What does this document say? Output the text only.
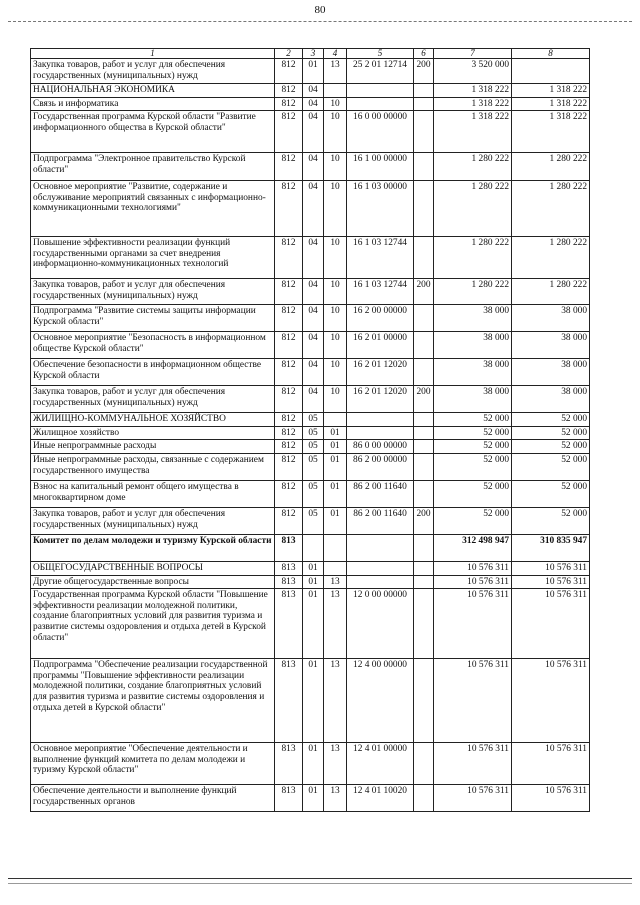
80
1	2	3	4	5	6	7	8
Закупка товаров, работ и услуг для обеспечения государственных (муниципальных) нужд	812	01	13	25 2 01 12714	200	3 520 000	
НАЦИОНАЛЬНАЯ ЭКОНОМИКА	812	04				1 318 222	1 318 222
Связь и информатика	812	04	10			1 318 222	1 318 222
Государственная программа Курской области "Развитие информационного общества в Курской области"	812	04	10	16 0 00 00000		1 318 222	1 318 222
Подпрограмма "Электронное правительство Курской области"	812	04	10	16 1 00 00000		1 280 222	1 280 222
Основное мероприятие "Развитие, содержание и обслуживание мероприятий связанных с информационно-коммуникационными технологиями"	812	04	10	16 1 03 00000		1 280 222	1 280 222
Повышение эффективности реализации функций государственными органами за счет внедрения информационно-коммуникационных технологий	812	04	10	16 1 03 12744		1 280 222	1 280 222
Закупка товаров, работ и услуг для обеспечения государственных (муниципальных) нужд	812	04	10	16 1 03 12744	200	1 280 222	1 280 222
Подпрограмма "Развитие системы защиты информации Курской области"	812	04	10	16 2 00 00000		38 000	38 000
Основное мероприятие "Безопасность в информационном обществе Курской области"	812	04	10	16 2 01 00000		38 000	38 000
Обеспечение безопасности в информационном обществе Курской области	812	04	10	16 2 01 12020		38 000	38 000
Закупка товаров, работ и услуг для обеспечения государственных (муниципальных) нужд	812	04	10	16 2 01 12020	200	38 000	38 000
ЖИЛИЩНО-КОММУНАЛЬНОЕ ХОЗЯЙСТВО	812	05				52 000	52 000
Жилищное хозяйство	812	05	01			52 000	52 000
Иные непрограммные расходы	812	05	01	86 0 00 00000		52 000	52 000
Иные непрограммные расходы, связанные с содержанием государственного имущества	812	05	01	86 2 00 00000		52 000	52 000
Взнос на капитальный ремонт общего имущества в многоквартирном доме	812	05	01	86 2 00 11640		52 000	52 000
Закупка товаров, работ и услуг для обеспечения государственных (муниципальных) нужд	812	05	01	86 2 00 11640	200	52 000	52 000
Комитет по делам молодежи и туризму Курской области	813					312 498 947	310 835 947
ОБЩЕГОСУДАРСТВЕННЫЕ ВОПРОСЫ	813	01				10 576 311	10 576 311
Другие общегосударственные вопросы	813	01	13			10 576 311	10 576 311
Государственная программа Курской области "Повышение эффективности реализации молодежной политики, создание благоприятных условий для развития туризма и развитие системы оздоровления и отдыха детей в Курской области"	813	01	13	12 0 00 00000		10 576 311	10 576 311
Подпрограмма "Обеспечение реализации государственной программы "Повышение эффективности реализации молодежной политики, создание благоприятных условий для развития туризма и развитие системы оздоровления и отдыха детей в Курской области"	813	01	13	12 4 00 00000		10 576 311	10 576 311
Основное мероприятие "Обеспечение деятельности и выполнение функций комитета по делам молодежи и туризму Курской области"	813	01	13	12 4 01 00000		10 576 311	10 576 311
Обеспечение деятельности и выполнение функций государственных органов	813	01	13	12 4 01 10020		10 576 311	10 576 311
